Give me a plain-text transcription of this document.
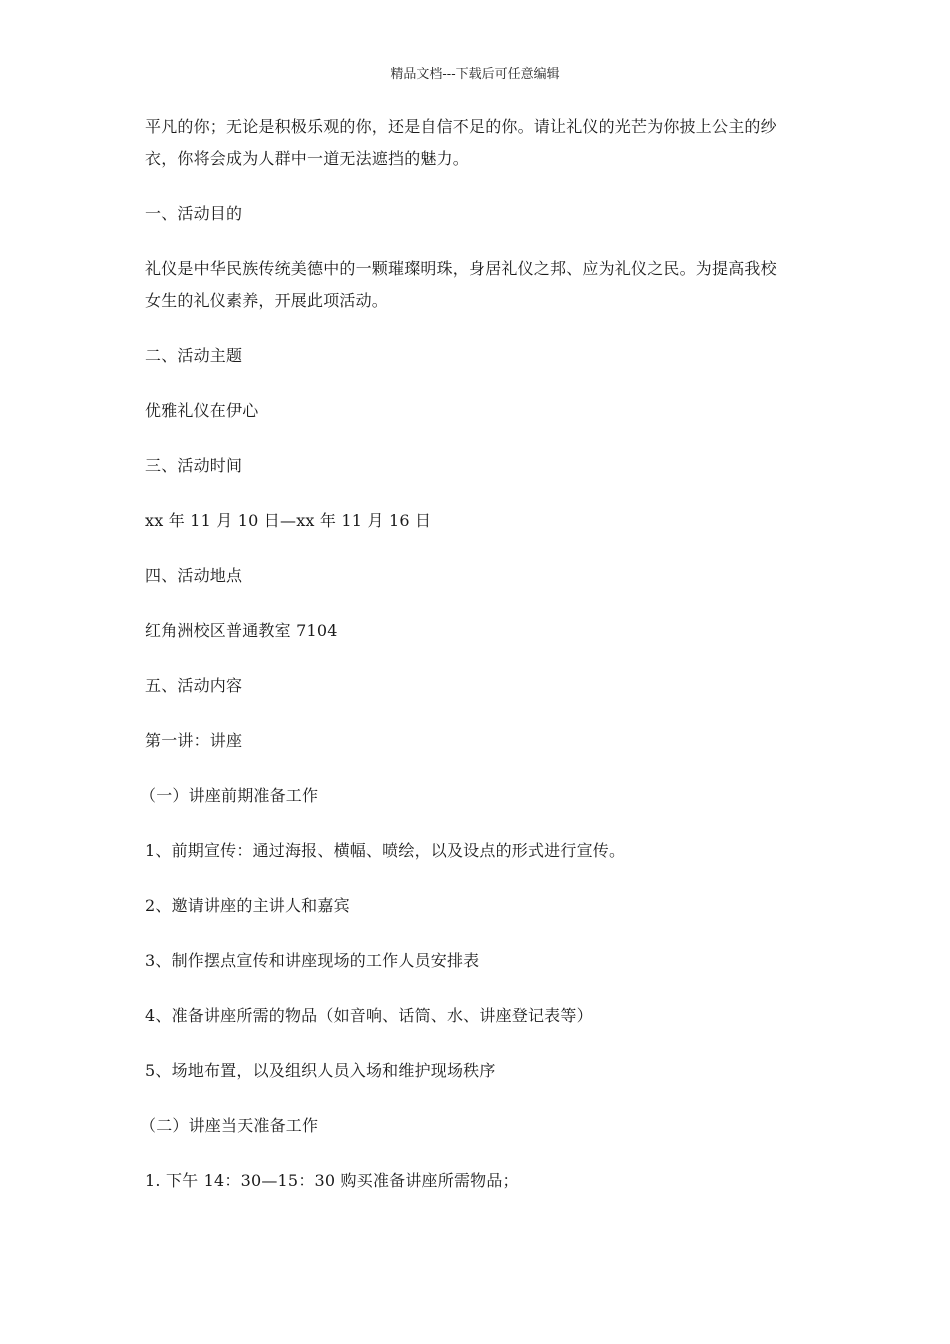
精品文档---下载后可任意编辑
平凡的你；无论是积极乐观的你，还是自信不足的你。请让礼仪的光芒为你披上公主的纱
衣，你将会成为人群中一道无法遮挡的魅力。
一、活动目的
礼仪是中华民族传统美德中的一颗璀璨明珠，身居礼仪之邦、应为礼仪之民。为提高我校
女生的礼仪素养，开展此项活动。
二、活动主题
优雅礼仪在伊心
三、活动时间
xx 年 11 月 10 日—xx 年 11 月 16 日
四、活动地点
红角洲校区普通教室 7104
五、活动内容
第一讲：讲座
（一）讲座前期准备工作
1、前期宣传：通过海报、横幅、喷绘，以及设点的形式进行宣传。
2、邀请讲座的主讲人和嘉宾
3、制作摆点宣传和讲座现场的工作人员安排表
4、准备讲座所需的物品（如音响、话筒、水、讲座登记表等）
5、场地布置，以及组织人员入场和维护现场秩序
（二）讲座当天准备工作
1. 下午 14：30—15：30 购买准备讲座所需物品；
